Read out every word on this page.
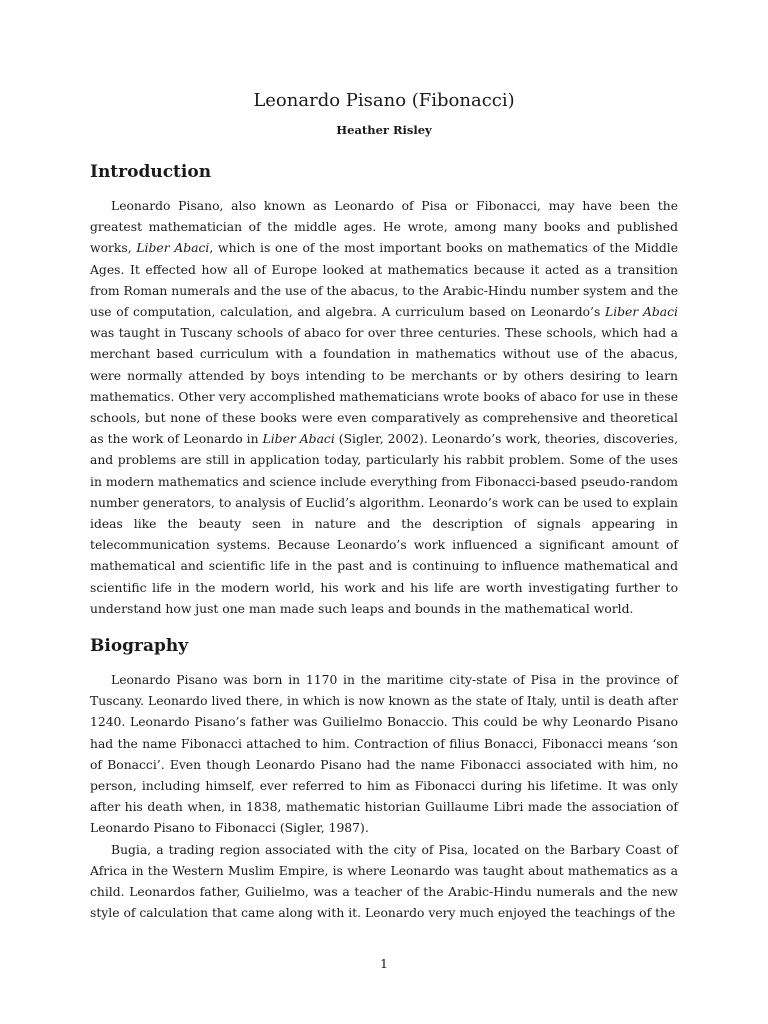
Leonardo Pisano (Fibonacci)
Heather Risley
Introduction

Leonardo Pisano, also known as Leonardo of Pisa or Fibonacci, may have been the greatest mathematician of the middle ages. He wrote, among many books and published works, Liber Abaci, which is one of the most important books on mathematics of the Middle Ages. It effected how all of Europe looked at mathematics because it acted as a transition from Roman numerals and the use of the abacus, to the Arabic-Hindu number system and the use of computation, calculation, and algebra. A curriculum based on Leonardo’s Liber Abaci was taught in Tuscany schools of abaco for over three centuries. These schools, which had a merchant based curriculum with a foundation in mathematics without use of the abacus, were normally attended by boys intending to be merchants or by others desiring to learn mathematics. Other very accomplished mathematicians wrote books of abaco for use in these schools, but none of these books were even comparatively as comprehensive and theoretical as the work of Leonardo in Liber Abaci (Sigler, 2002). Leonardo’s work, theories, discoveries, and problems are still in application today, particularly his rabbit problem. Some of the uses in modern mathematics and science include everything from Fibonacci-based pseudo-random number generators, to analysis of Euclid’s algorithm. Leonardo’s work can be used to explain ideas like the beauty seen in nature and the description of signals appearing in telecommunication systems. Because Leonardo’s work influenced a significant amount of mathematical and scientific life in the past and is continuing to influence mathematical and scientific life in the modern world, his work and his life are worth investigating further to understand how just one man made such leaps and bounds in the mathematical world.

Biography

Leonardo Pisano was born in 1170 in the maritime city-state of Pisa in the province of Tuscany. Leonardo lived there, in which is now known as the state of Italy, until is death after 1240. Leonardo Pisano’s father was Guilielmo Bonaccio. This could be why Leonardo Pisano had the name Fibonacci attached to him. Contraction of filius Bonacci, Fibonacci means ‘son of Bonacci’. Even though Leonardo Pisano had the name Fibonacci associated with him, no person, including himself, ever referred to him as Fibonacci during his lifetime. It was only after his death when, in 1838, mathematic historian Guillaume Libri made the association of Leonardo Pisano to Fibonacci (Sigler, 1987).

Bugia, a trading region associated with the city of Pisa, located on the Barbary Coast of Africa in the Western Muslim Empire, is where Leonardo was taught about mathematics as a child. Leonardos father, Guilielmo, was a teacher of the Arabic-Hindu numerals and the new style of calculation that came along with it. Leonardo very much enjoyed the teachings of the

1
